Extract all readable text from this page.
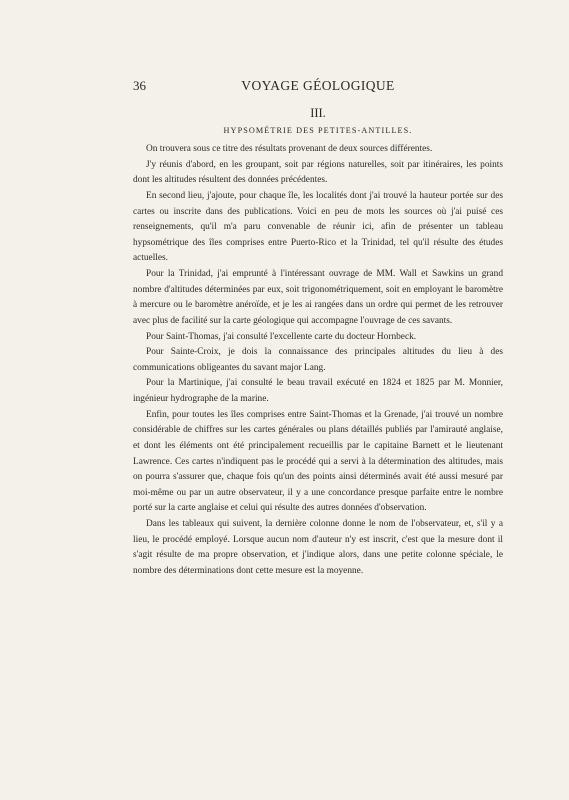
36	VOYAGE GÉOLOGIQUE
III.
HYPSOMÉTRIE DES PETITES-ANTILLES.

On trouvera sous ce titre des résultats provenant de deux sources différentes.

J'y réunis d'abord, en les groupant, soit par régions naturelles, soit par itinéraires, les points dont les altitudes résultent des données précédentes.

En second lieu, j'ajoute, pour chaque île, les localités dont j'ai trouvé la hauteur portée sur des cartes ou inscrite dans des publications. Voici en peu de mots les sources où j'ai puisé ces renseignements, qu'il m'a paru convenable de réunir ici, afin de présenter un tableau hypsométrique des îles comprises entre Puerto-Rico et la Trinidad, tel qu'il résulte des études actuelles.

Pour la Trinidad, j'ai emprunté à l'intéressant ouvrage de MM. Wall et Sawkins un grand nombre d'altitudes déterminées par eux, soit trigonométriquement, soit en employant le baromètre à mercure ou le baromètre anéroïde, et je les ai rangées dans un ordre qui permet de les retrouver avec plus de facilité sur la carte géologique qui accompagne l'ouvrage de ces savants.

Pour Saint-Thomas, j'ai consulté l'excellente carte du docteur Hornbeck.

Pour Sainte-Croix, je dois la connaissance des principales altitudes du lieu à des communications obligeantes du savant major Lang.

Pour la Martinique, j'ai consulté le beau travail exécuté en 1824 et 1825 par M. Monnier, ingénieur hydrographe de la marine.

Enfin, pour toutes les îles comprises entre Saint-Thomas et la Grenade, j'ai trouvé un nombre considérable de chiffres sur les cartes générales ou plans détaillés publiés par l'amirauté anglaise, et dont les éléments ont été principalement recueillis par le capitaine Barnett et le lieutenant Lawrence. Ces cartes n'indiquent pas le procédé qui a servi à la détermination des altitudes, mais on pourra s'assurer que, chaque fois qu'un des points ainsi déterminés avait été aussi mesuré par moi-même ou par un autre observateur, il y a une concordance presque parfaite entre le nombre porté sur la carte anglaise et celui qui résulte des autres données d'observation.

Dans les tableaux qui suivent, la dernière colonne donne le nom de l'observateur, et, s'il y a lieu, le procédé employé. Lorsque aucun nom d'auteur n'y est inscrit, c'est que la mesure dont il s'agit résulte de ma propre observation, et j'indique alors, dans une petite colonne spéciale, le nombre des déterminations dont cette mesure est la moyenne.
